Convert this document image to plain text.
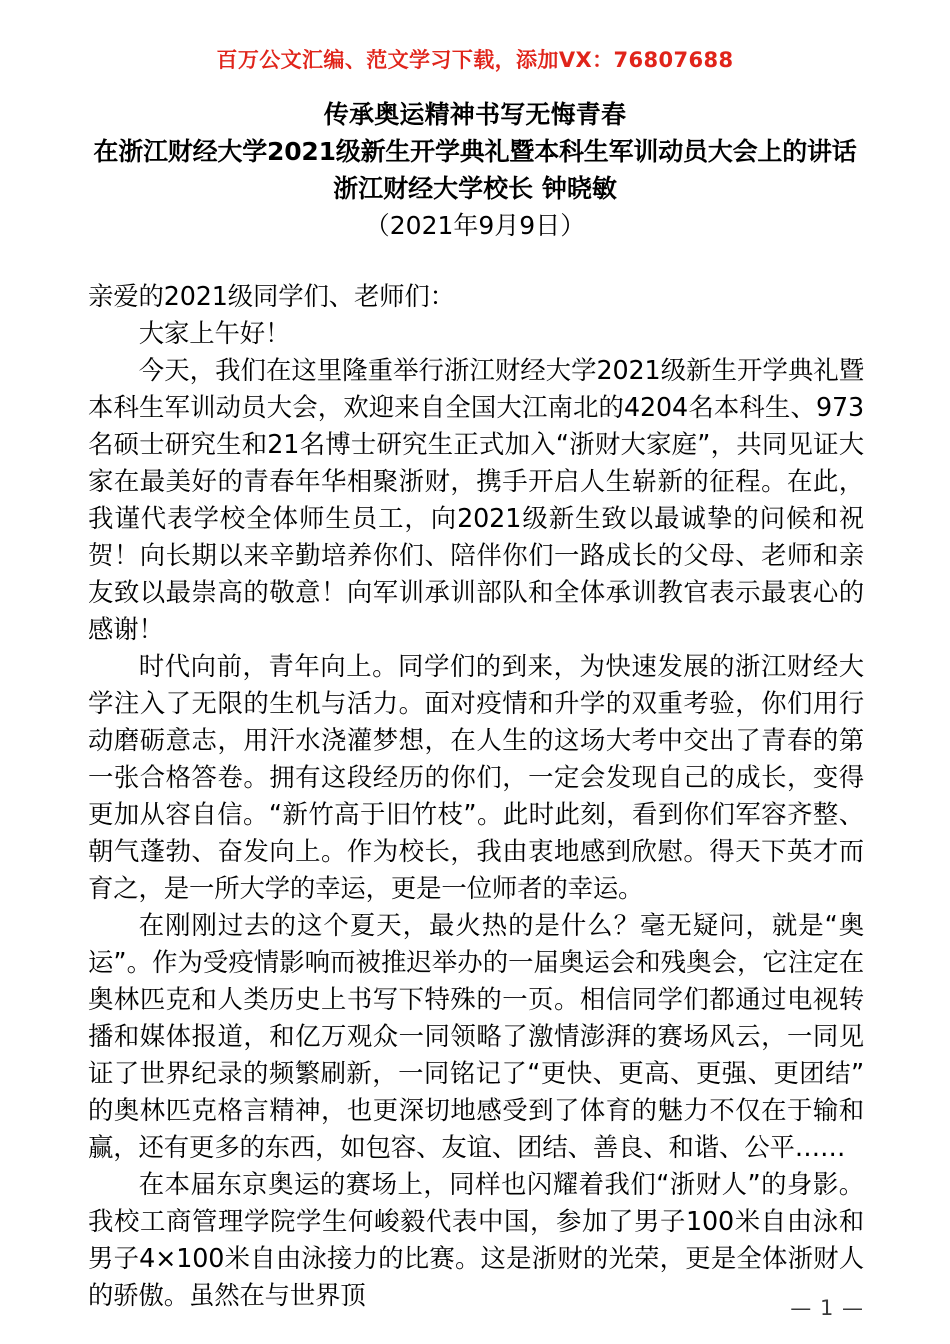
百万公文汇编、范文学习下载，添加VX：76807688
传承奥运精神书写无悔青春
在浙江财经大学2021级新生开学典礼暨本科生军训动员大会上的讲话
浙江财经大学校长 钟晓敏
（2021年9月9日）

亲爱的2021级同学们、老师们：

大家上午好！

今天，我们在这里隆重举行浙江财经大学2021级新生开学典礼暨本科生军训动员大会，欢迎来自全国大江南北的4204名本科生、973名硕士研究生和21名博士研究生正式加入“浙财大家庭”，共同见证大家在最美好的青春年华相聚浙财，携手开启人生崭新的征程。在此，我谨代表学校全体师生员工，向2021级新生致以最诚挚的问候和祝贺！向长期以来辛勤培养你们、陪伴你们一路成长的父母、老师和亲友致以最崇高的敬意！向军训承训部队和全体承训教官表示最衷心的感谢！

时代向前，青年向上。同学们的到来，为快速发展的浙江财经大学注入了无限的生机与活力。面对疫情和升学的双重考验，你们用行动磨砺意志，用汗水浇灌梦想，在人生的这场大考中交出了青春的第一张合格答卷。拥有这段经历的你们，一定会发现自己的成长，变得更加从容自信。“新竹高于旧竹枝”。此时此刻，看到你们军容齐整、朝气蓬勃、奋发向上。作为校长，我由衷地感到欣慰。得天下英才而育之，是一所大学的幸运，更是一位师者的幸运。

在刚刚过去的这个夏天，最火热的是什么？毫无疑问，就是“奥运”。作为受疫情影响而被推迟举办的一届奥运会和残奥会，它注定在奥林匹克和人类历史上书写下特殊的一页。相信同学们都通过电视转播和媒体报道，和亿万观众一同领略了激情澎湃的赛场风云，一同见证了世界纪录的频繁刷新，一同铭记了“更快、更高、更强、更团结”的奥林匹克格言精神，也更深切地感受到了体育的魅力不仅在于输和赢，还有更多的东西，如包容、友谊、团结、善良、和谐、公平……

在本届东京奥运的赛场上，同样也闪耀着我们“浙财人”的身影。我校工商管理学院学生何峻毅代表中国，参加了男子100米自由泳和男子4×100米自由泳接力的比赛。这是浙财的光荣，更是全体浙财人的骄傲。虽然在与世界顶	— 1 —
